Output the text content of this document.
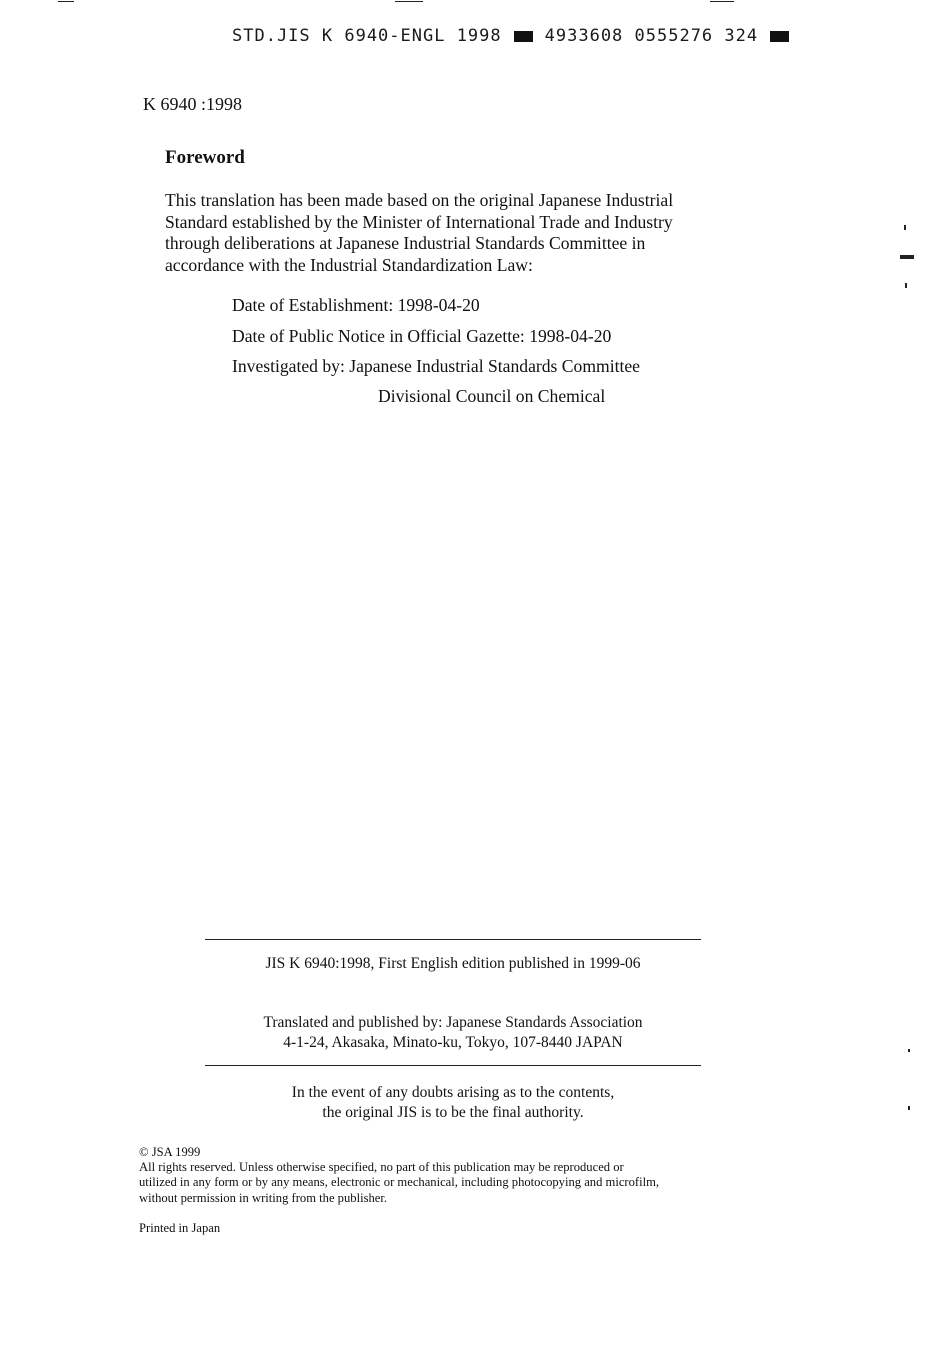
STD.JIS K 6940-ENGL 1998	4933608 0555276 324
K 6940 :1998
Foreword
This translation has been made based on the original Japanese Industrial
Standard established by the Minister of International Trade and Industry
through deliberations at Japanese Industrial Standards Committee in
accordance with the Industrial Standardization Law:
Date of Establishment: 1998-04-20
Date of Public Notice in Official Gazette: 1998-04-20
Investigated by: Japanese Industrial Standards Committee
Divisional Council on Chemical
JIS K 6940:1998, First English edition published in 1999-06
Translated and published by: Japanese Standards Association
4-1-24, Akasaka, Minato-ku, Tokyo, 107-8440 JAPAN
In the event of any doubts arising as to the contents,
the original JIS is to be the final authority.
© JSA 1999
All rights reserved. Unless otherwise specified, no part of this publication may be reproduced or
utilized in any form or by any means, electronic or mechanical, including photocopying and microfilm,
without permission in writing from the publisher.
Printed in Japan
